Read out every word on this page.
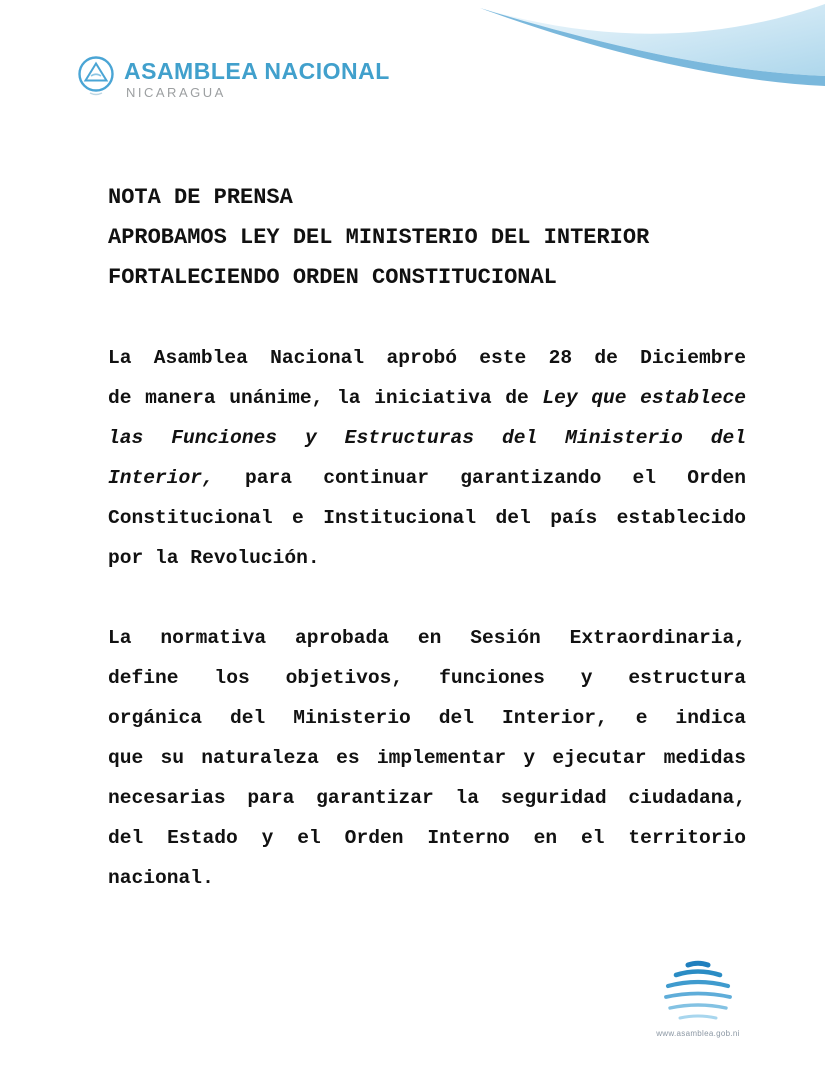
ASAMBLEA NACIONAL
NICARAGUA
NOTA DE PRENSA
APROBAMOS LEY DEL MINISTERIO DEL INTERIOR
FORTALECIENDO ORDEN CONSTITUCIONAL
La Asamblea Nacional aprobó este 28 de Diciembre
de manera unánime, la iniciativa de Ley que establece
las Funciones y Estructuras del Ministerio del
Interior, para continuar garantizando el Orden
Constitucional e Institucional del país establecido
por la Revolución.
La normativa aprobada en Sesión Extraordinaria,
define los objetivos, funciones y estructura
orgánica del Ministerio del Interior, e indica
que su naturaleza es implementar y ejecutar medidas
necesarias para garantizar la seguridad ciudadana,
del Estado y el Orden Interno en el territorio
nacional.
www.asamblea.gob.ni
